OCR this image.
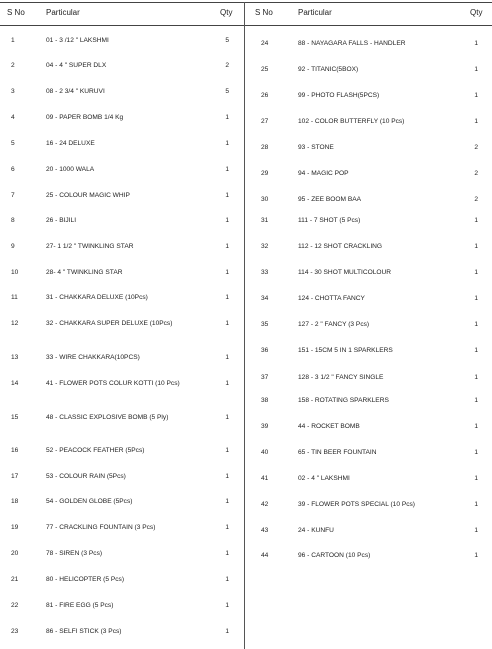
S No	Particular	Qty
1	01 - 3 /12 " LAKSHMI	5
2	04 - 4 " SUPER DLX	2
3	08 - 2 3/4 " KURUVI	5
4	09 - PAPER BOMB 1/4 Kg	1
5	16 - 24 DELUXE	1
6	20 - 1000 WALA	1
7	25 - COLOUR MAGIC WHIP	1
8	26 - BIJILI	1
9	27- 1 1/2 " TWINKLING STAR	1
10	28- 4 " TWINKLING STAR	1
11	31 - CHAKKARA DELUXE (10Pcs)	1
12	32 - CHAKKARA SUPER DELUXE (10Pcs)	1
13	33 - WIRE CHAKKARA(10PCS)	1
14	41 - FLOWER POTS COLUR KOTTI (10 Pcs)	1
15	48 - CLASSIC EXPLOSIVE BOMB (5 Ply)	1
16	52 - PEACOCK FEATHER (5Pcs)	1
17	53 - COLOUR RAIN (5Pcs)	1
18	54 - GOLDEN GLOBE (5Pcs)	1
19	77 - CRACKLING FOUNTAIN (3 Pcs)	1
20	78 - SIREN (3 Pcs)	1
21	80 - HELICOPTER (5 Pcs)	1
22	81 - FIRE EGG (5 Pcs)	1
23	86 - SELFI STICK (3 Pcs)	1
S No	Particular	Qty
24	88 - NAYAGARA FALLS - HANDLER	1
25	92 - TITANIC(5BOX)	1
26	99 - PHOTO FLASH(5PCS)	1
27	102 - COLOR BUTTERFLY (10 Pcs)	1
28	93 - STONE	2
29	94 - MAGIC POP	2
30	95 - ZEE BOOM BAA	2
31	111 - 7 SHOT (5 Pcs)	1
32	112 - 12 SHOT CRACKLING	1
33	114 - 30 SHOT MULTICOLOUR	1
34	124 - CHOTTA FANCY	1
35	127 - 2 " FANCY (3 Pcs)	1
36	151 - 15CM 5 IN 1 SPARKLERS	1
37	128 - 3 1/2 " FANCY SINGLE	1
38	158 - ROTATING SPARKLERS	1
39	44 - ROCKET BOMB	1
40	65 - TIN BEER FOUNTAIN	1
41	02 - 4 " LAKSHMI	1
42	39 - FLOWER POTS SPECIAL (10 Pcs)	1
43	24 - KUNFU	1
44	96 - CARTOON (10 Pcs)	1
